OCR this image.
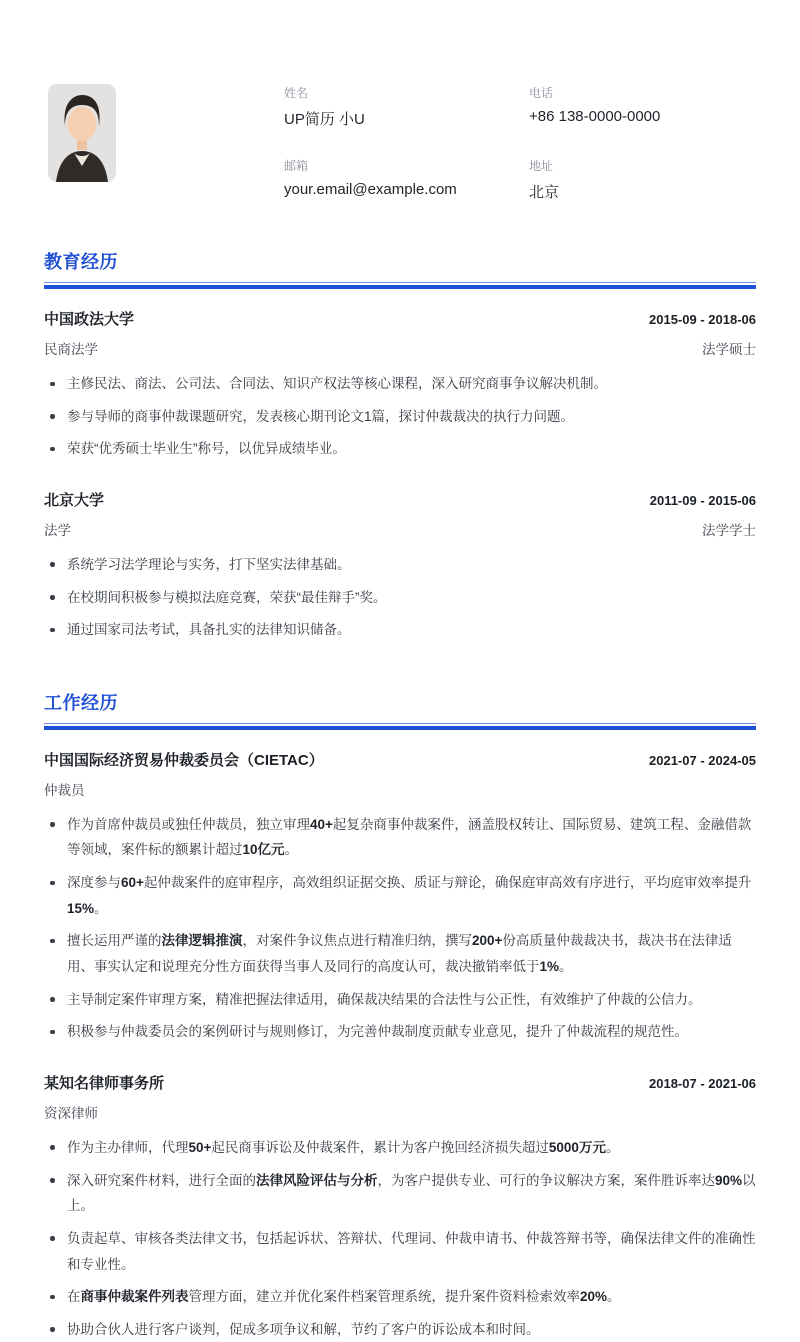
姓名
UP简历 小U
电话
+86 138-0000-0000
邮箱
your.email@example.com
地址
北京
教育经历
中国政法大学	2015-09 - 2018-06
民商法学	法学硕士
主修民法、商法、公司法、合同法、知识产权法等核心课程，深入研究商事争议解决机制。
参与导师的商事仲裁课题研究，发表核心期刊论文1篇，探讨仲裁裁决的执行力问题。
荣获“优秀硕士毕业生”称号，以优异成绩毕业。
北京大学	2011-09 - 2015-06
法学	法学学士
系统学习法学理论与实务，打下坚实法律基础。
在校期间积极参与模拟法庭竞赛，荣获“最佳辩手”奖。
通过国家司法考试，具备扎实的法律知识储备。
工作经历
中国国际经济贸易仲裁委员会（CIETAC）	2021-07 - 2024-05
仲裁员
作为首席仲裁员或独任仲裁员，独立审理40+起复杂商事仲裁案件，涵盖股权转让、国际贸易、建筑工程、金融借款等领域，案件标的额累计超过10亿元。
深度参与60+起仲裁案件的庭审程序，高效组织证据交换、质证与辩论，确保庭审高效有序进行，平均庭审效率提升15%。
擅长运用严谨的法律逻辑推演，对案件争议焦点进行精准归纳，撰写200+份高质量仲裁裁决书，裁决书在法律适用、事实认定和说理充分性方面获得当事人及同行的高度认可，裁决撤销率低于1%。
主导制定案件审理方案，精准把握法律适用，确保裁决结果的合法性与公正性，有效维护了仲裁的公信力。
积极参与仲裁委员会的案例研讨与规则修订，为完善仲裁制度贡献专业意见，提升了仲裁流程的规范性。
某知名律师事务所	2018-07 - 2021-06
资深律师
作为主办律师，代理50+起民商事诉讼及仲裁案件，累计为客户挽回经济损失超过5000万元。
深入研究案件材料，进行全面的法律风险评估与分析，为客户提供专业、可行的争议解决方案，案件胜诉率达90%以上。
负责起草、审核各类法律文书，包括起诉状、答辩状、代理词、仲裁申请书、仲裁答辩书等，确保法律文件的准确性和专业性。
在商事仲裁案件列表管理方面，建立并优化案件档案管理系统，提升案件资料检索效率20%。
协助合伙人进行客户谈判，促成多项争议和解，节约了客户的诉讼成本和时间。
